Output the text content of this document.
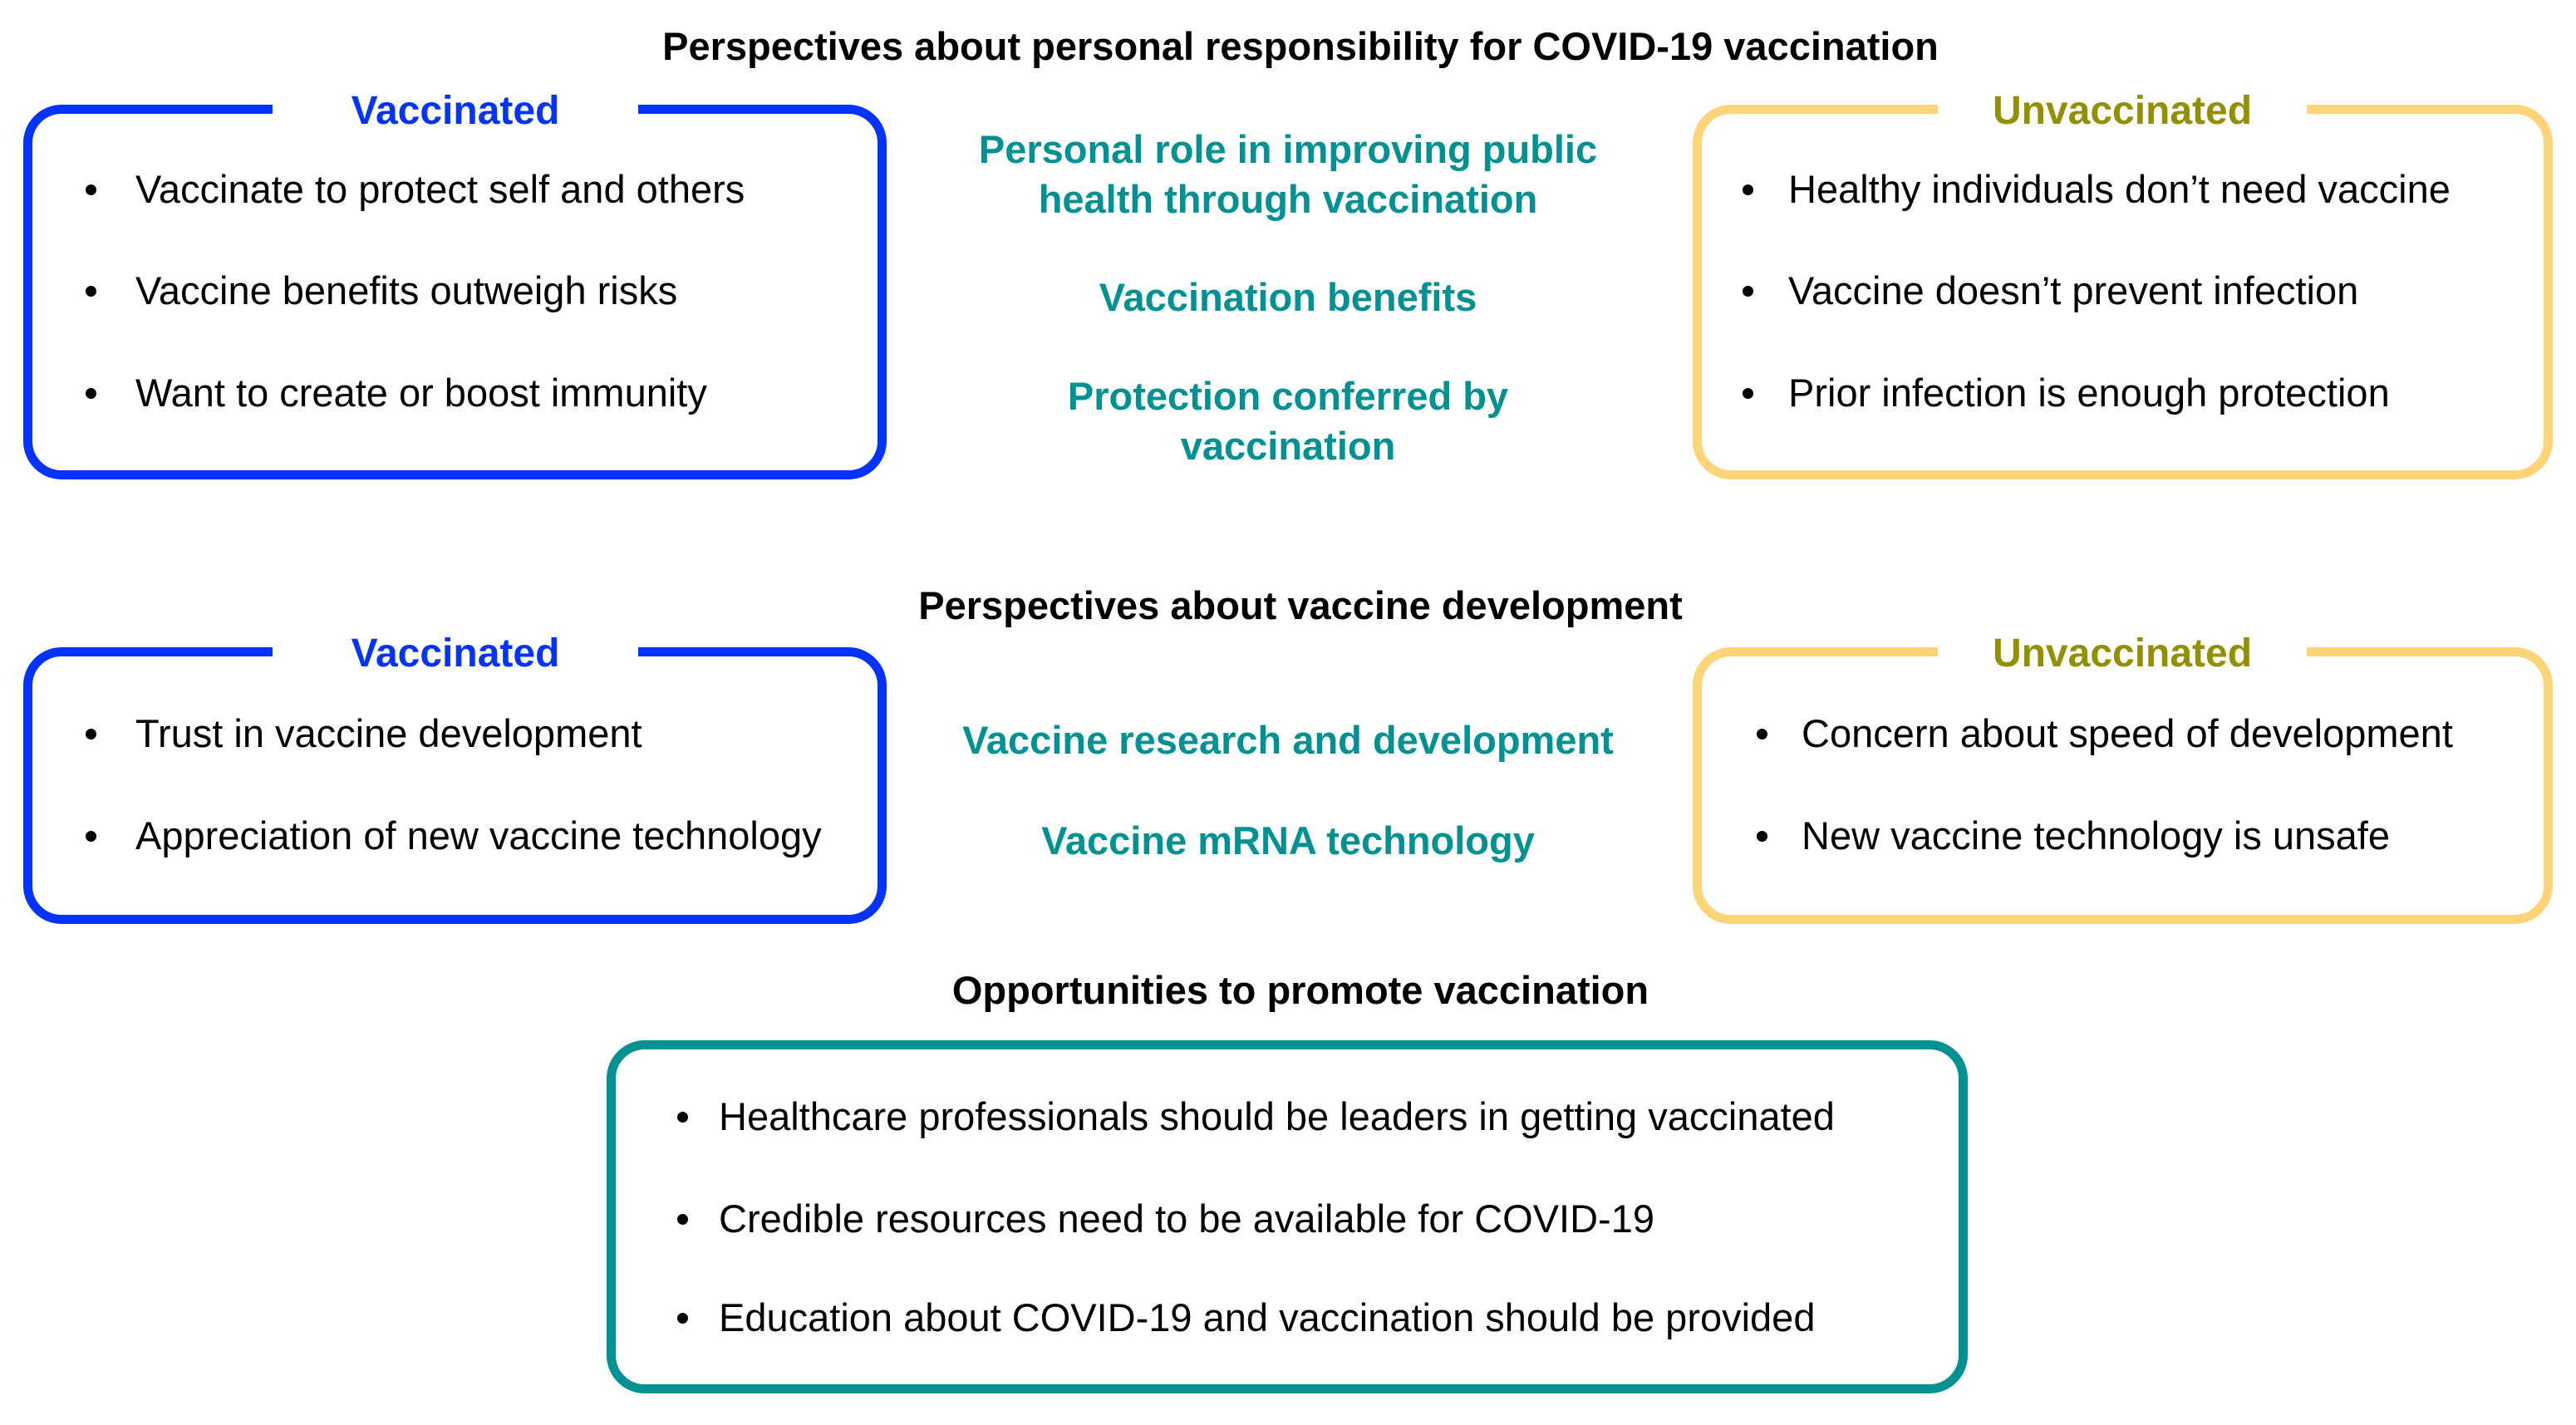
Perspectives about personal responsibility for COVID-19 vaccination
Vaccinated
Vaccinate to protect self and others
Vaccine benefits outweigh risks
Want to create or boost immunity
Personal role in improving public
health through vaccination
Vaccination benefits
Protection conferred by
vaccination
Unvaccinated
Healthy individuals don’t need vaccine
Vaccine doesn’t prevent infection
Prior infection is enough protection
Perspectives about vaccine development
Vaccinated
Trust in vaccine development
Appreciation of new vaccine technology
Vaccine research and development
Vaccine mRNA technology
Unvaccinated
Concern about speed of development
New vaccine technology is unsafe
Opportunities to promote vaccination
Healthcare professionals should be leaders in getting vaccinated
Credible resources need to be available for COVID-19
Education about COVID-19 and vaccination should be provided
